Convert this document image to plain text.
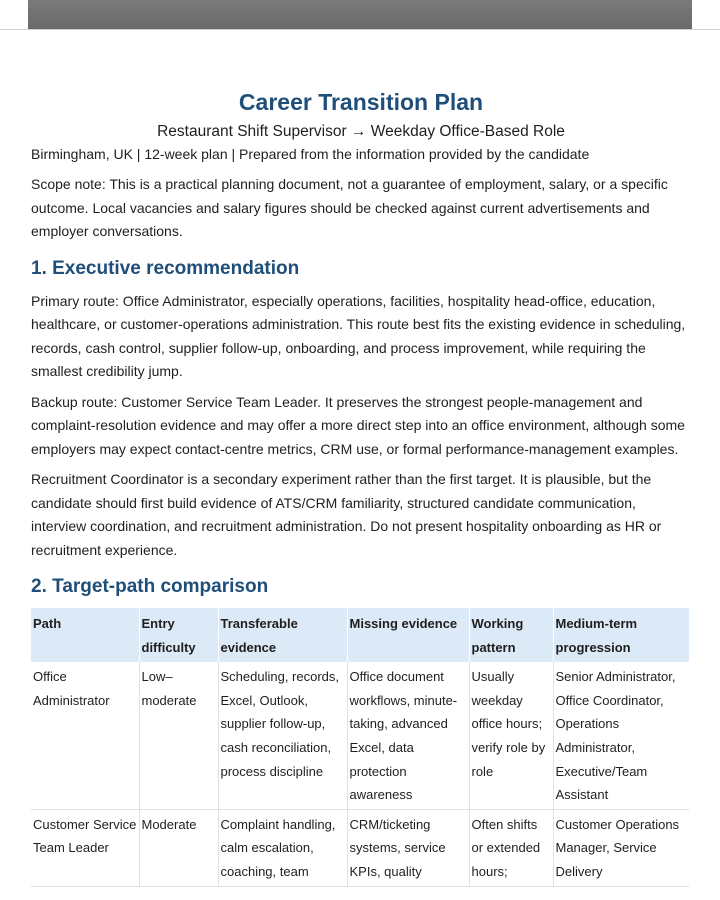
Career Transition Plan
Restaurant Shift Supervisor → Weekday Office-Based Role
Birmingham, UK | 12-week plan | Prepared from the information provided by the candidate

Scope note: This is a practical planning document, not a guarantee of employment, salary, or a specific outcome. Local vacancies and salary figures should be checked against current advertisements and employer conversations.

1. Executive recommendation

Primary route: Office Administrator, especially operations, facilities, hospitality head-office, education, healthcare, or customer-operations administration. This route best fits the existing evidence in scheduling, records, cash control, supplier follow-up, onboarding, and process improvement, while requiring the smallest credibility jump.

Backup route: Customer Service Team Leader. It preserves the strongest people-management and complaint-resolution evidence and may offer a more direct step into an office environment, although some employers may expect contact-centre metrics, CRM use, or formal performance-management examples.

Recruitment Coordinator is a secondary experiment rather than the first target. It is plausible, but the candidate should first build evidence of ATS/CRM familiarity, structured candidate communication, interview coordination, and recruitment administration. Do not present hospitality onboarding as HR or recruitment experience.

2. Target-path comparison
Path	Entry difficulty	Transferable evidence	Missing evidence	Working pattern	Medium-term progression
Office Administrator	Low–moderate	Scheduling, records, Excel, Outlook, supplier follow-up, cash reconciliation, process discipline	Office document workflows, minute-taking, advanced Excel, data protection awareness	Usually weekday office hours; verify role by role	Senior Administrator, Office Coordinator, Operations Administrator, Executive/Team Assistant
Customer Service Team Leader	Moderate	Complaint handling, calm escalation, coaching, team	CRM/ticketing systems, service KPIs, quality	Often shifts or extended hours;	Customer Operations Manager, Service Delivery
